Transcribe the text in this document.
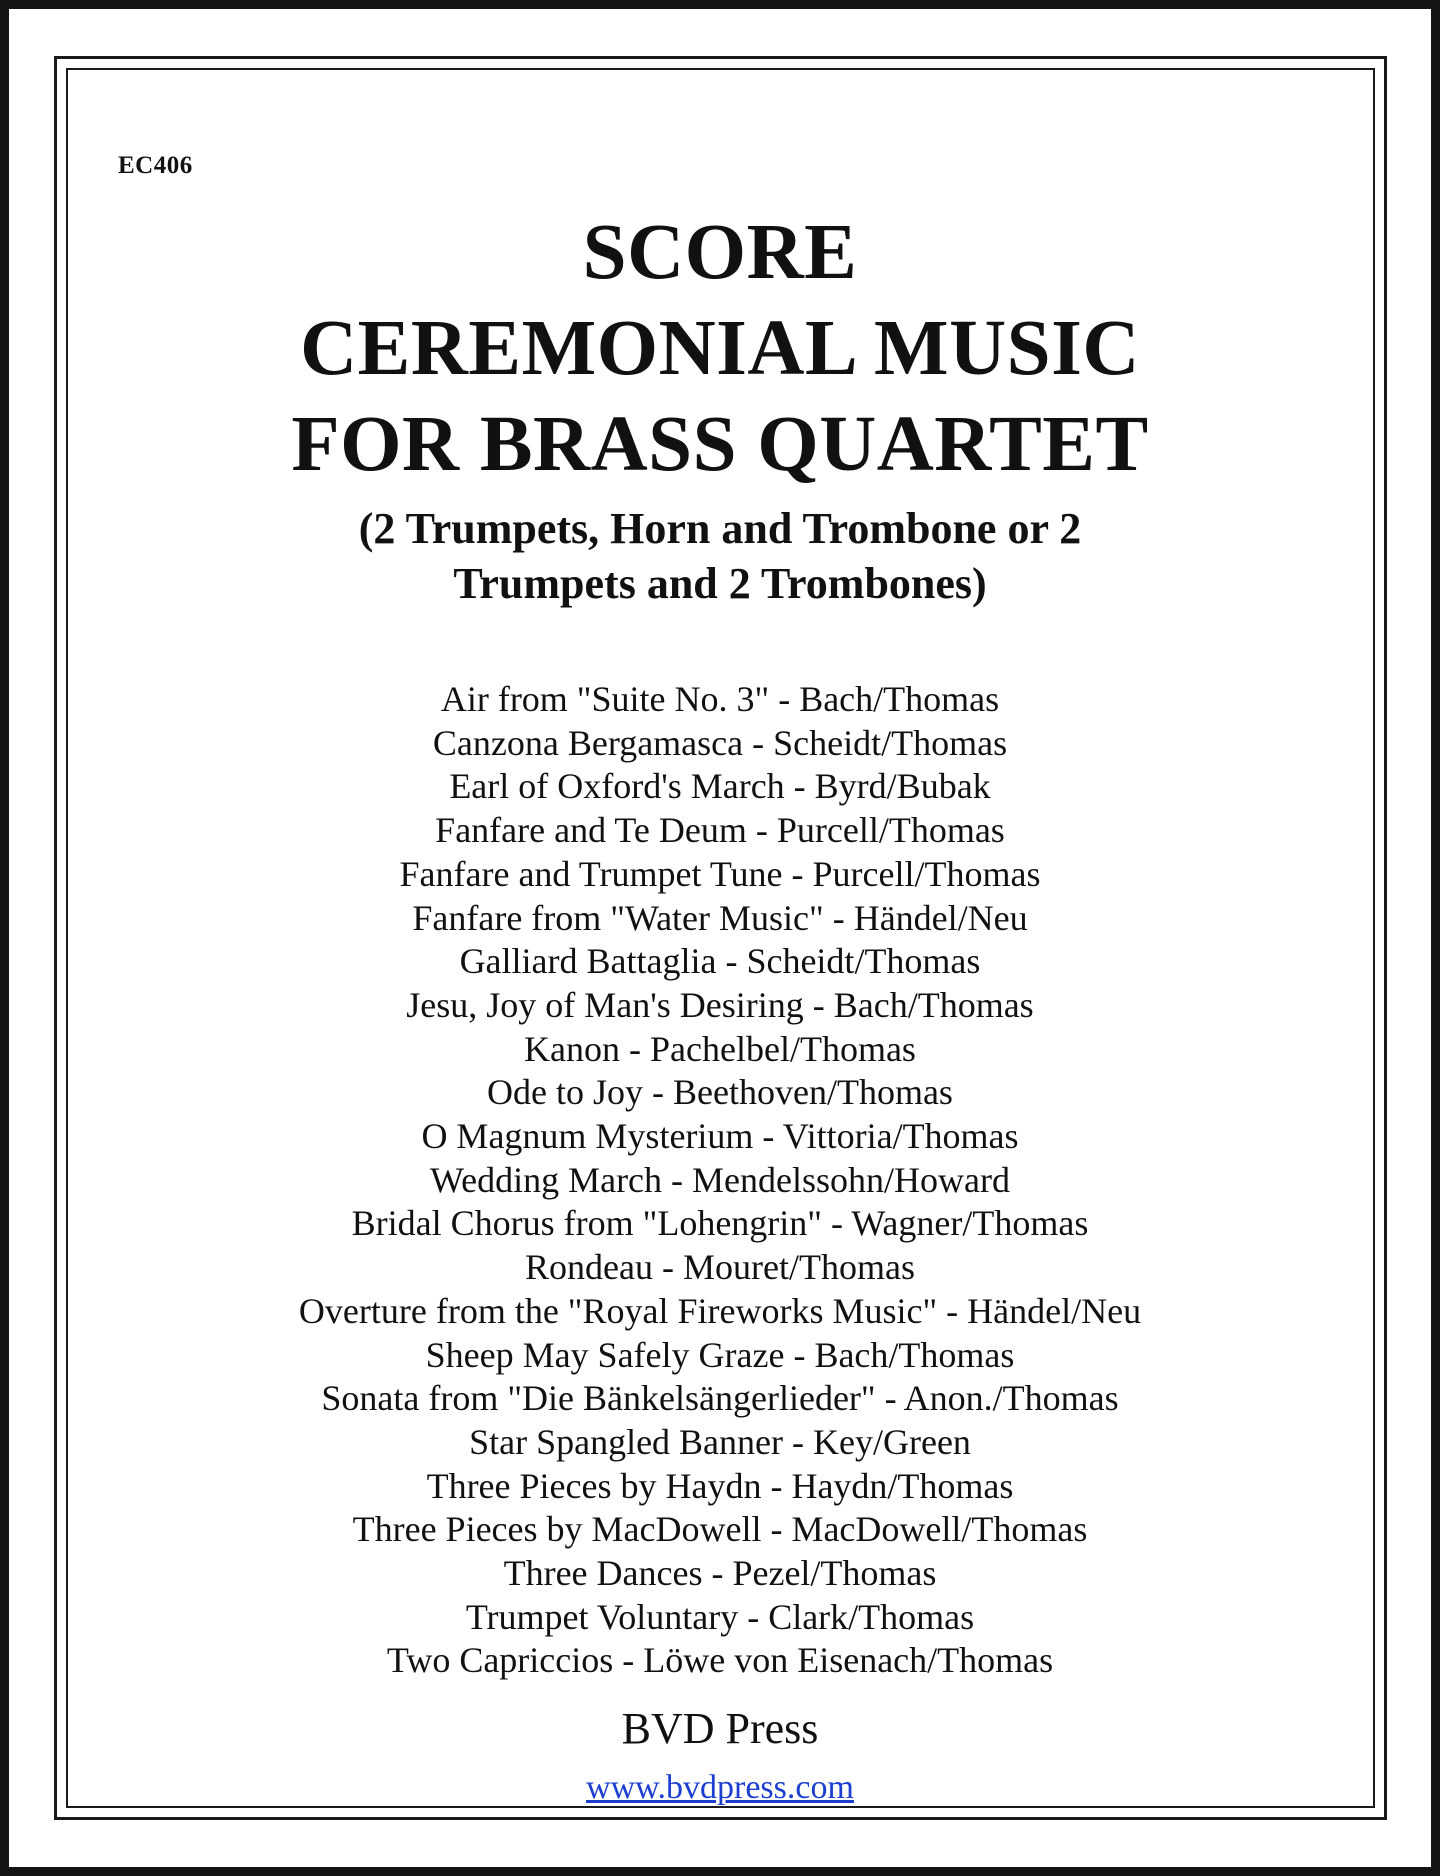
EC406
SCORE
CEREMONIAL MUSIC
FOR BRASS QUARTET
(2 Trumpets, Horn and Trombone or 2
Trumpets and 2 Trombones)
Air from "Suite No. 3" - Bach/Thomas
Canzona Bergamasca - Scheidt/Thomas
Earl of Oxford's March - Byrd/Bubak
Fanfare and Te Deum - Purcell/Thomas
Fanfare and Trumpet Tune - Purcell/Thomas
Fanfare from "Water Music" - Händel/Neu
Galliard Battaglia - Scheidt/Thomas
Jesu, Joy of Man's Desiring - Bach/Thomas
Kanon - Pachelbel/Thomas
Ode to Joy - Beethoven/Thomas
O Magnum Mysterium - Vittoria/Thomas
Wedding March - Mendelssohn/Howard
Bridal Chorus from "Lohengrin" - Wagner/Thomas
Rondeau - Mouret/Thomas
Overture from the "Royal Fireworks Music" - Händel/Neu
Sheep May Safely Graze - Bach/Thomas
Sonata from "Die Bänkelsängerlieder" - Anon./Thomas
Star Spangled Banner - Key/Green
Three Pieces by Haydn - Haydn/Thomas
Three Pieces by MacDowell - MacDowell/Thomas
Three Dances - Pezel/Thomas
Trumpet Voluntary - Clark/Thomas
Two Capriccios - Löwe von Eisenach/Thomas
BVD Press
www.bvdpress.com
